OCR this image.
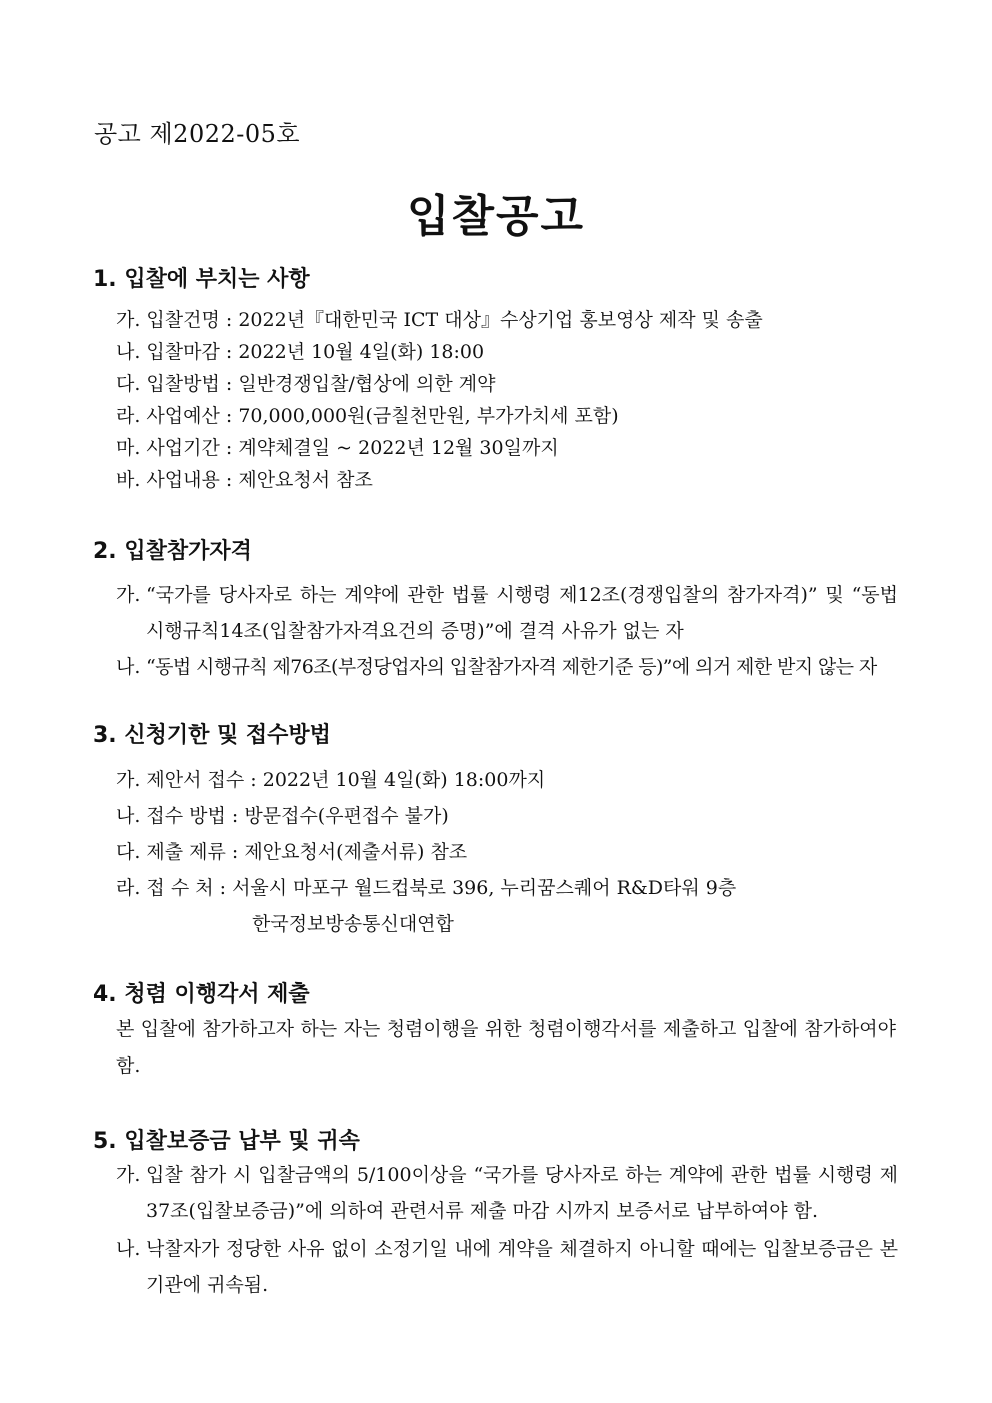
공고 제2022-05호
입찰공고
1. 입찰에 부치는 사항
가. 입찰건명 : 2022년『대한민국 ICT 대상』수상기업 홍보영상 제작 및 송출
나. 입찰마감 : 2022년 10월 4일(화) 18:00
다. 입찰방법 : 일반경쟁입찰/협상에 의한 계약
라. 사업예산 : 70,000,000원(금칠천만원, 부가가치세 포함)
마. 사업기간 : 계약체결일 ~ 2022년 12월 30일까지
바. 사업내용 : 제안요청서 참조
2. 입찰참가자격
가. “국가를 당사자로 하는 계약에 관한 법률 시행령 제12조(경쟁입찰의 참가자격)” 및 “동법 시행규칙14조(입찰참가자격요건의 증명)”에 결격 사유가 없는 자
나. “동법 시행규칙 제76조(부정당업자의 입찰참가자격 제한기준 등)”에 의거 제한 받지 않는 자
3. 신청기한 및 접수방법
가. 제안서 접수 : 2022년 10월 4일(화) 18:00까지
나. 접수 방법 : 방문접수(우편접수 불가)
다. 제출 제류 : 제안요청서(제출서류) 참조
라. 접 수 처 : 서울시 마포구 월드컵북로 396, 누리꿈스퀘어 R&D타워 9층
한국정보방송통신대연합
4. 청렴 이행각서 제출
본 입찰에 참가하고자 하는 자는 청렴이행을 위한 청렴이행각서를 제출하고 입찰에 참가하여야 함.
5. 입찰보증금 납부 및 귀속
가. 입찰 참가 시 입찰금액의 5/100이상을 “국가를 당사자로 하는 계약에 관한 법률 시행령 제37조(입찰보증금)”에 의하여 관련서류 제출 마감 시까지 보증서로 납부하여야 함.
나. 낙찰자가 정당한 사유 없이 소정기일 내에 계약을 체결하지 아니할 때에는 입찰보증금은 본 기관에 귀속됨.
